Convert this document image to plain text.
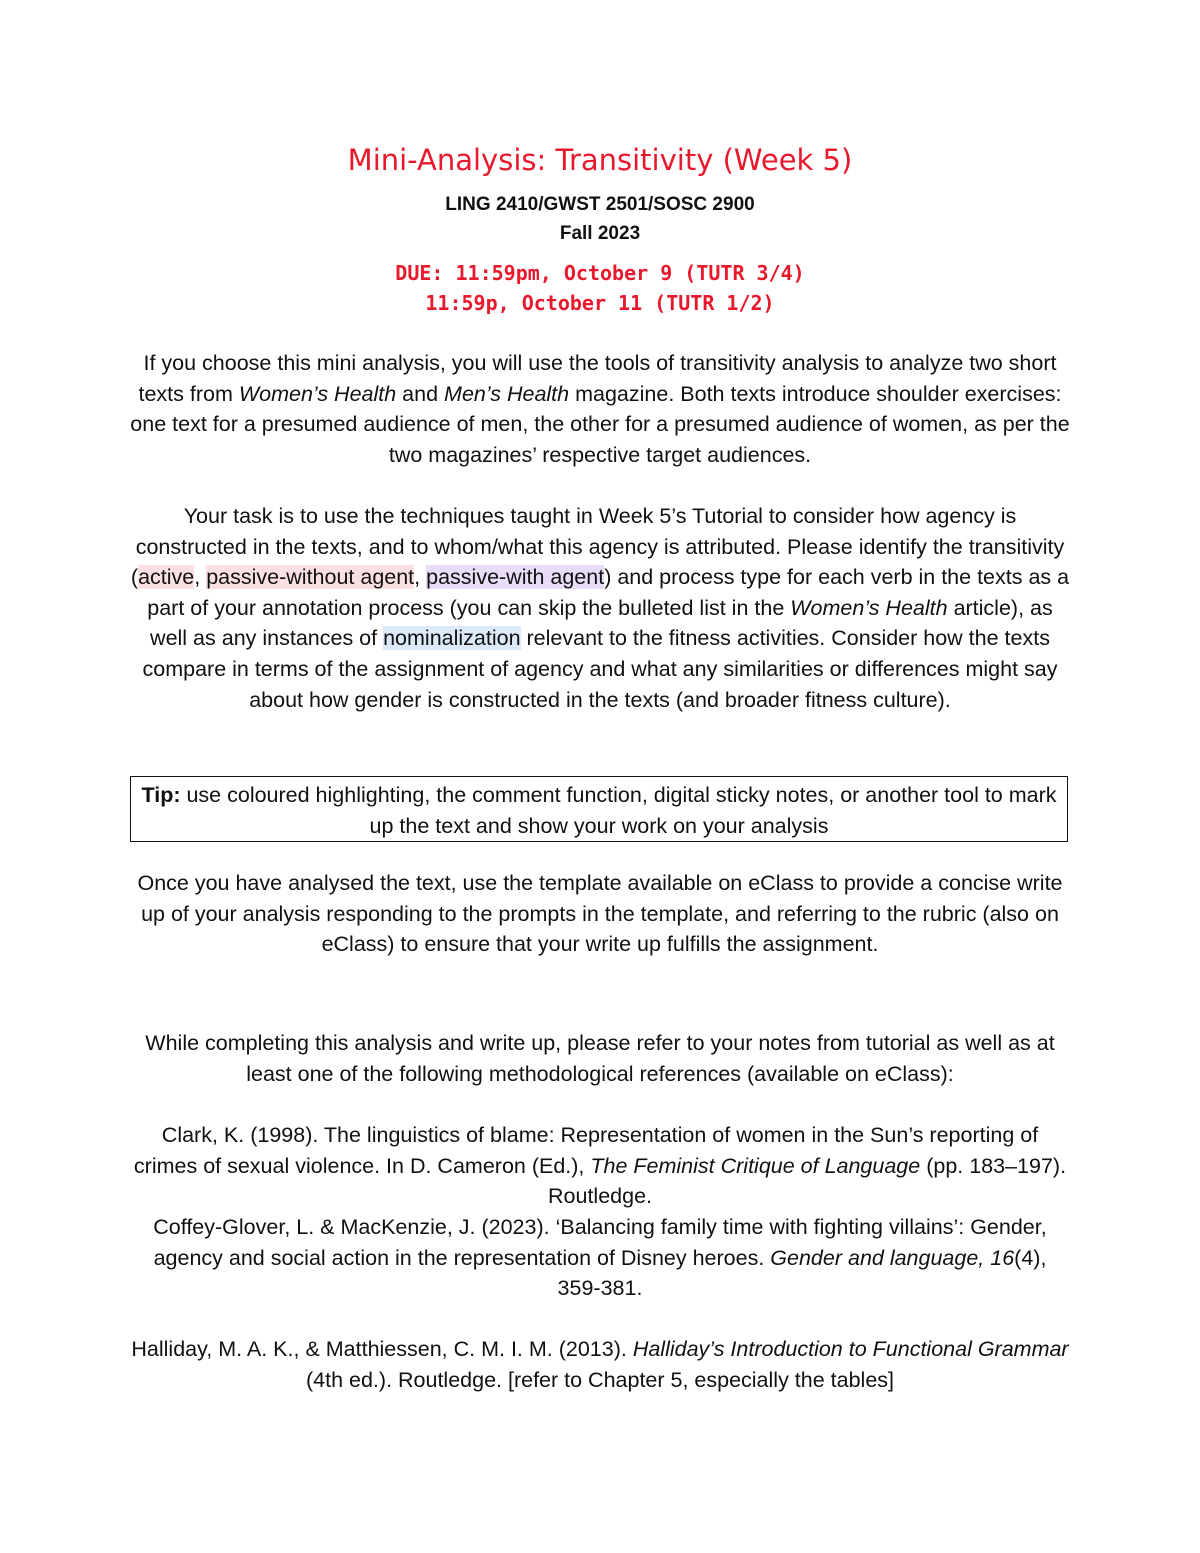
Mini-Analysis: Transitivity (Week 5)

LING 2410/GWST 2501/SOSC 2900

Fall 2023

DUE: 11:59pm, October 9 (TUTR 3/4)

11:59p, October 11 (TUTR 1/2)

If you choose this mini analysis, you will use the tools of transitivity analysis to analyze two short texts from Women’s Health and Men’s Health magazine. Both texts introduce shoulder exercises: one text for a presumed audience of men, the other for a presumed audience of women, as per the two magazines’ respective target audiences.

Your task is to use the techniques taught in Week 5’s Tutorial to consider how agency is constructed in the texts, and to whom/what this agency is attributed. Please identify the transitivity (active, passive-without agent, passive-with agent) and process type for each verb in the texts as a part of your annotation process (you can skip the bulleted list in the Women’s Health article), as well as any instances of nominalization relevant to the fitness activities. Consider how the texts compare in terms of the assignment of agency and what any similarities or differences might say about how gender is constructed in the texts (and broader fitness culture).

Tip: use coloured highlighting, the comment function, digital sticky notes, or another tool to mark up the text and show your work on your analysis

Once you have analysed the text, use the template available on eClass to provide a concise write up of your analysis responding to the prompts in the template, and referring to the rubric (also on eClass) to ensure that your write up fulfills the assignment.

While completing this analysis and write up, please refer to your notes from tutorial as well as at least one of the following methodological references (available on eClass):

Clark, K. (1998). The linguistics of blame: Representation of women in the Sun’s reporting of crimes of sexual violence. In D. Cameron (Ed.), The Feminist Critique of Language (pp. 183–197). Routledge.

Coffey-Glover, L. & MacKenzie, J. (2023). ‘Balancing family time with fighting villains’: Gender, agency and social action in the representation of Disney heroes. Gender and language, 16(4), 359-381.

Halliday, M. A. K., & Matthiessen, C. M. I. M. (2013). Halliday’s Introduction to Functional Grammar (4th ed.). Routledge. [refer to Chapter 5, especially the tables]
